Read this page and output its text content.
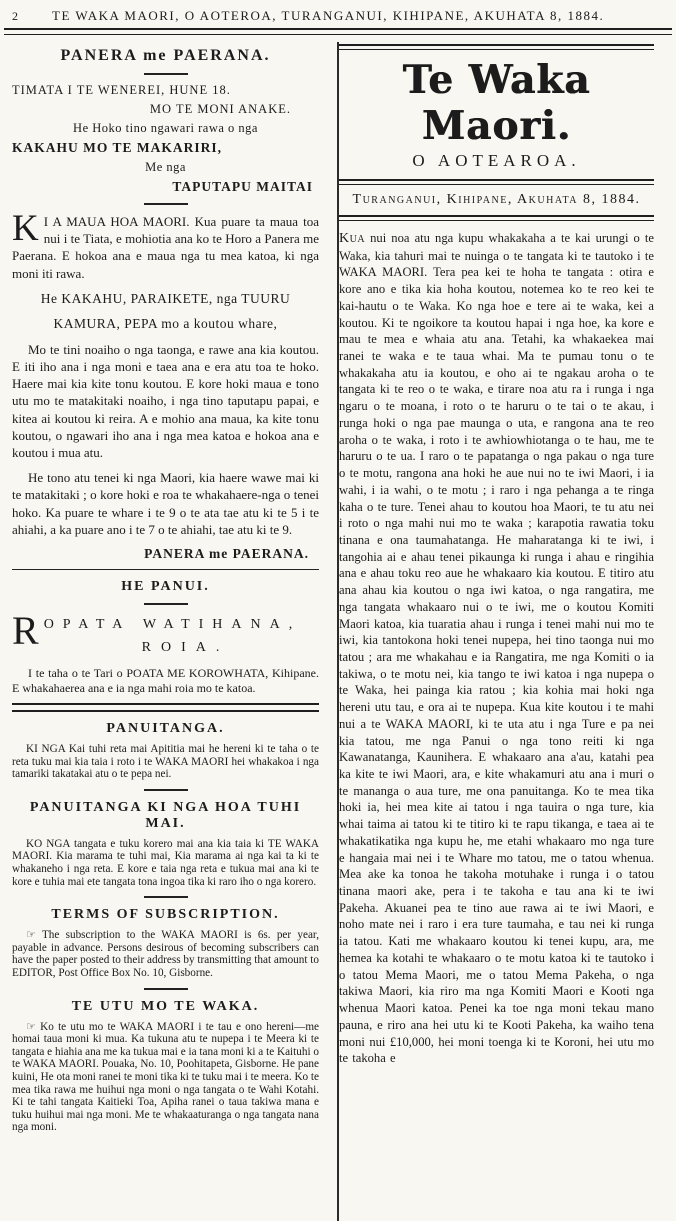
2	TE WAKA MAORI, O AOTEROA, TURANGANUI, KIHIPANE, AKUHATA 8, 1884.
PANERA me PAERANA.
TIMATA I TE WENEREI, HUNE 18.
MO TE MONI ANAKE.
He Hoko tino ngawari rawa o nga
KAKAHU MO TE MAKARIRI,
Me nga
TAPUTAPU MAITAI

K I A MAUA HOA MAORI. Kua puare ta maua toa nui i te Tiata, e mohiotia ana ko te Horo a Panera me Paerana. E hokoa ana e maua nga tu mea katoa, ki nga moni iti rawa.

He KAKAHU, PARAIKETE, nga TUURU

KAMURA, PEPA mo a koutou whare,

Mo te tini noaiho o nga taonga, e rawe ana kia koutou. E iti iho ana i nga moni e taea ana e era atu toa te hoko. Haere mai kia kite tonu koutou. E kore hoki maua e tono utu mo te matakitaki noaiho, i nga tino taputapu papai, e kitea ai koutou ki reira. A e mohio ana maua, ka kite tonu koutou, o ngawari iho ana i nga mea katoa e hokoa ana e koutou i mua atu.

He tono atu tenei ki nga Maori, kia haere wawe mai ki te matakitaki ; o kore hoki e roa te whakahaere-nga o tenei hoko. Ka puare te whare i te 9 o te ata tae atu ki te 5 i te ahiahi, a ka puare ano i te 7 o te ahiahi, tae atu ki te 9.

PANERA me PAERANA.
HE PANUI.
R OPATA WATIHANA,
ROIA.

I te taha o te Tari o POATA ME KOROWHATA, Kihipane. E whakahaerea ana e ia nga mahi roia mo te katoa.

PANUITANGA.

KI NGA Kai tuhi reta mai Apititia mai he hereni ki te taha o te reta tuku mai kia taia i roto i te WAKA MAORI hei whakakoa i nga tamariki takatakai atu o te pepa nei.

PANUITANGA KI NGA HOA TUHI MAI.

KO NGA tangata e tuku korero mai ana kia taia ki TE WAKA MAORI. Kia marama te tuhi mai, Kia marama ai nga kai ta ki te whakaneho i nga reta. E kore e taia nga reta e tukua mai ana ki te kore e tuhia mai ete tangata tona ingoa tika ki raro iho o nga korero.

TERMS OF SUBSCRIPTION.

☞ The subscription to the WAKA MAORI is 6s. per year, payable in advance. Persons desirous of becoming subscribers can have the paper posted to their address by transmitting that amount to EDITOR, Post Office Box No. 10, Gisborne.

TE UTU MO TE WAKA.

☞ Ko te utu mo te WAKA MAORI i te tau e ono hereni—me homai taua moni ki mua. Ka tukuna atu te nupepa i te Meera ki te tangata e hiahia ana me ka tukua mai e ia tana moni ki a te Kaituhi o te WAKA MAORI. Pouaka, No. 10, Poohitapeta, Gisborne. He pane kuini, He ota moni ranei te moni tika ki te tuku mai i te meera. Ko te mea tika rawa me huihui nga moni o nga tangata o te Wahi Kotahi. Ki te tahi tangata Kaitieki Toa, Apiha ranei o taua takiwa mana e tuku huihui mai nga moni. Me te whakaaturanga o nga tangata nana nga moni.

Te Waka Maori.
O AOTEAROA.
Turanganui, Kihipane, Akuhata 8, 1884.

Kua nui noa atu nga kupu whakakaha a te kai urungi o te Waka, kia tahuri mai te nuinga o te tangata ki te tautoko i te WAKA MAORI. Tera pea kei te hoha te tangata : otira e kore ano e tika kia hoha koutou, notemea ko te reo kei te kai-hautu o te Waka. Ko nga hoe e tere ai te waka, kei a koutou. Ki te ngoikore ta koutou hapai i nga hoe, ka kore e mau te mea e whaia atu ana. Tetahi, ka whakaekea mai ranei te waka e te taua whai. Ma te pumau tonu o te whakakaha atu ia koutou, e oho ai te ngakau aroha o te tangata ki te reo o te waka, e tirare noa atu ra i runga i nga ngaru o te moana, i roto o te haruru o te tai o te akau, i runga hoki o nga pae maunga o uta, e rangona ana te reo aroha o te waka, i roto i te awhiowhiotanga o te hau, me te haruru o te ua. I raro o te papatanga o nga pakau o nga ture o te motu, rangona ana hoki he aue nui no te iwi Maori, i ia wahi, i ia wahi, o te motu ; i raro i nga pehanga a te ringa kaha o te ture. Tenei ahau to koutou hoa Maori, te tu atu nei i roto o nga mahi nui mo te waka ; karapotia rawatia toku tinana e ona taumahatanga. He maharatanga ki te iwi, i tangohia ai e ahau tenei pikaunga ki runga i ahau e ringihia ana e ahau toku reo aue he whakaaro kia koutou. E titiro atu ana ahau kia koutou o nga iwi katoa, o nga rangatira, me nga tangata whakaaro nui o te iwi, me o koutou Komiti Maori katoa, kia tuaratia ahau i runga i tenei mahi nui mo te iwi, kia tantokona hoki tenei nupepa, hei tino taonga nui mo tatou ; ara me whakahau e ia Rangatira, me nga Komiti o ia takiwa, o te motu nei, kia tango te iwi katoa i nga nupepa o te Waka, hei painga kia ratou ; kia kohia mai hoki nga hereni utu tau, e ora ai te nupepa. Kua kite koutou i te mahi nui a te WAKA MAORI, ki te uta atu i nga Ture e pa nei kia tatou, me nga Panui o nga tono reiti ki nga Kawanatanga, Kaunihera. E whakaaro ana a'au, katahi pea ka kite te iwi Maori, ara, e kite whakamuri atu ana i muri o te mananga o aua ture, me ona panuitanga. Ko te mea tika hoki ia, hei mea kite ai tatou i nga tauira o nga ture, kia whai taima ai tatou ki te titiro ki te rapu tikanga, e taea ai te whakatikatika nga kupu he, me etahi whakaaro mo nga ture e hangaia mai nei i te Whare mo tatou, me o tatou whenua. Mea ake ka tonoa he takoha motuhake i runga i o tatou tinana maori ake, pera i te takoha e tau ana ki te iwi Pakeha. Akuanei pea te tino aue rawa ai te iwi Maori, e noho mate nei i raro i era ture taumaha, e tau nei ki runga ia tatou. Kati me whakaaro koutou ki tenei kupu, ara, me hemea ka kotahi te whakaaro o te motu katoa ki te tautoko i o tatou Mema Maori, me o tatou Mema Pakeha, o nga takiwa Maori, kia riro ma nga Komiti Maori e Kooti nga whenua Maori katoa. Penei ka toe nga moni tekau mano pauna, e riro ana hei utu ki te Kooti Pakeha, ka waiho tena moni nui £10,000, hei moni toenga ki te Koroni, hei utu mo te takoha e
